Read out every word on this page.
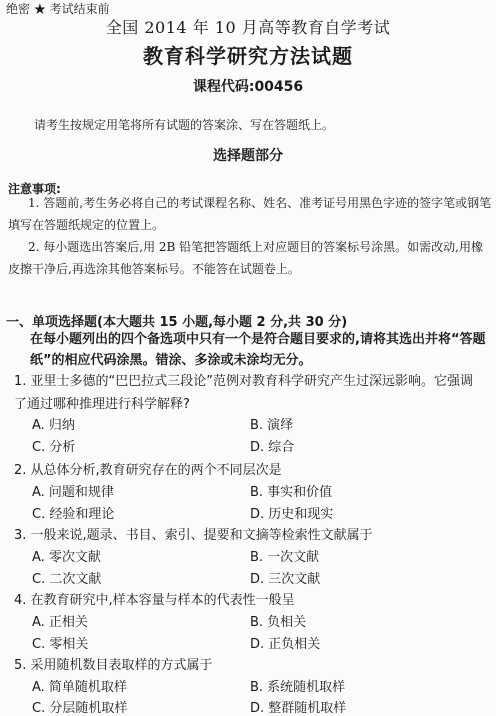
绝密 ★ 考试结束前
全国 2014 年 10 月高等教育自学考试
教育科学研究方法试题
课程代码:00456
请考生按规定用笔将所有试题的答案涂、写在答题纸上。
选择题部分
注意事项:
1. 答题前,考生务必将自己的考试课程名称、姓名、准考证号用黑色字迹的签字笔或钢笔填写在答题纸规定的位置上。
2. 每小题选出答案后,用 2B 铅笔把答题纸上对应题目的答案标号涂黑。如需改动,用橡皮擦干净后,再选涂其他答案标号。不能答在试题卷上。
一、单项选择题(本大题共 15 小题,每小题 2 分,共 30 分)
在每小题列出的四个备选项中只有一个是符合题目要求的,请将其选出并将“答题纸”的相应代码涂黑。错涂、多涂或未涂均无分。
1. 亚里士多德的“巴巴拉式三段论”范例对教育科学研究产生过深远影响。它强调了通过哪种推理进行科学解释?
A. 归纳	B. 演绎
C. 分析	D. 综合
2. 从总体分析,教育研究存在的两个不同层次是
A. 问题和规律	B. 事实和价值
C. 经验和理论	D. 历史和现实
3. 一般来说,题录、书目、索引、提要和文摘等检索性文献属于
A. 零次文献	B. 一次文献
C. 二次文献	D. 三次文献
4. 在教育研究中,样本容量与样本的代表性一般呈
A. 正相关	B. 负相关
C. 零相关	D. 正负相关
5. 采用随机数目表取样的方式属于
A. 简单随机取样	B. 系统随机取样
C. 分层随机取样	D. 整群随机取样
